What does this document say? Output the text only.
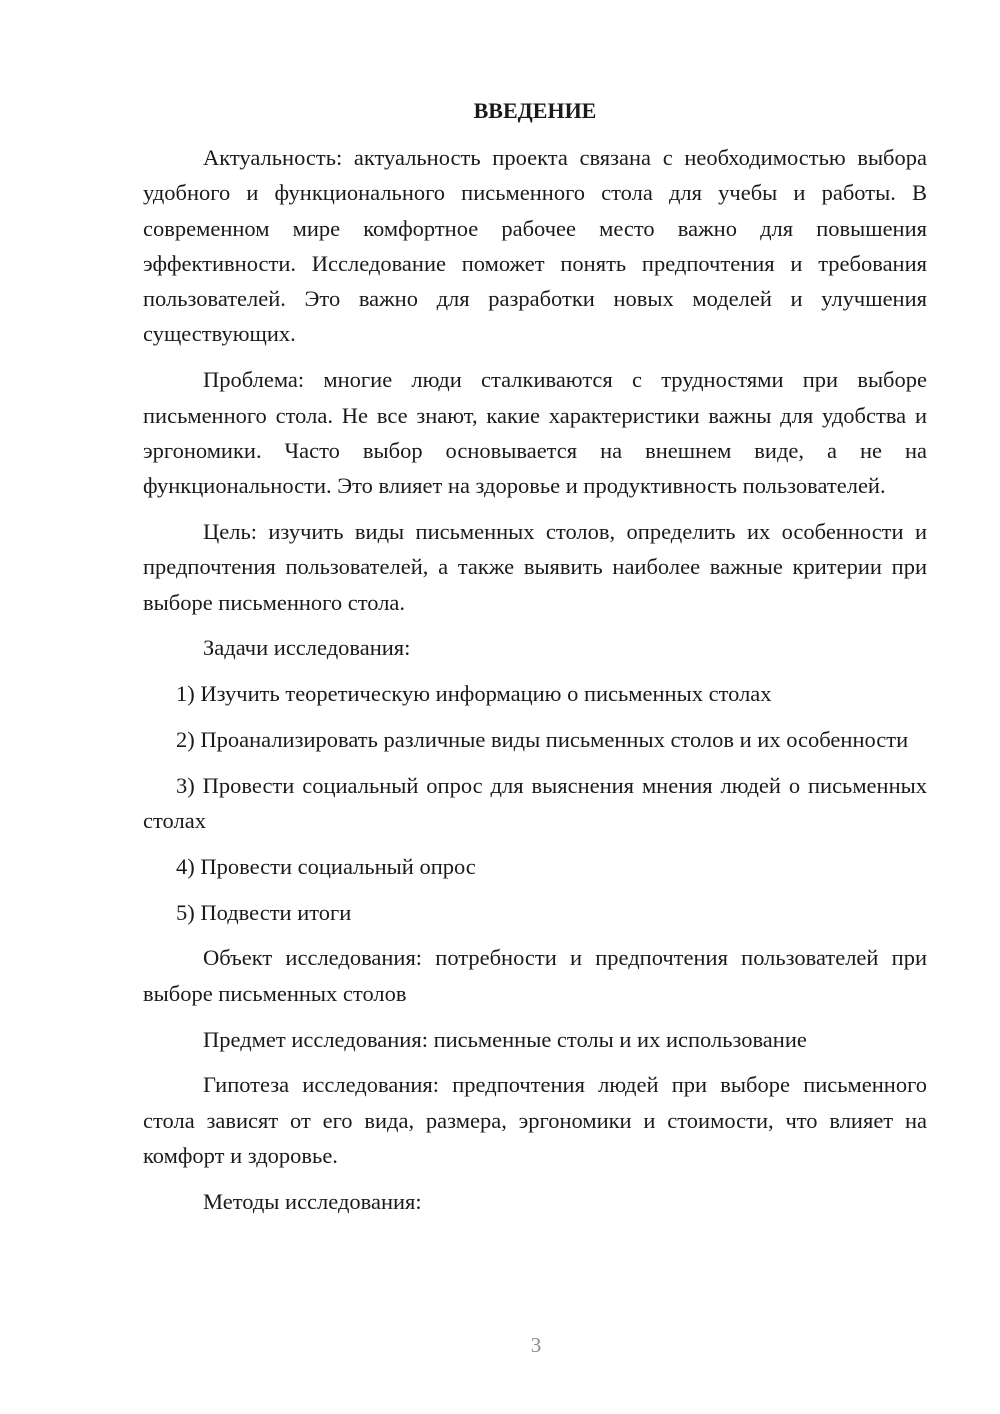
ВВЕДЕНИЕ
Актуальность: актуальность проекта связана с необходимостью выбора удобного и функционального письменного стола для учебы и работы. В современном мире комфортное рабочее место важно для повышения эффективности. Исследование поможет понять предпочтения и требования пользователей. Это важно для разработки новых моделей и улучшения существующих.
Проблема: многие люди сталкиваются с трудностями при выборе письменного стола. Не все знают, какие характеристики важны для удобства и эргономики. Часто выбор основывается на внешнем виде, а не на функциональности. Это влияет на здоровье и продуктивность пользователей.
Цель: изучить виды письменных столов, определить их особенности и предпочтения пользователей, а также выявить наиболее важные критерии при выборе письменного стола.
Задачи исследования:
1) Изучить теоретическую информацию о письменных столах
2) Проанализировать различные виды письменных столов и их особенности
3) Провести социальный опрос для выяснения мнения людей о письменных столах
4) Провести социальный опрос
5) Подвести итоги
Объект исследования: потребности и предпочтения пользователей при выборе письменных столов
Предмет исследования: письменные столы и их использование
Гипотеза исследования: предпочтения людей при выборе письменного стола зависят от его вида, размера, эргономики и стоимости, что влияет на комфорт и здоровье.
Методы исследования:
3
